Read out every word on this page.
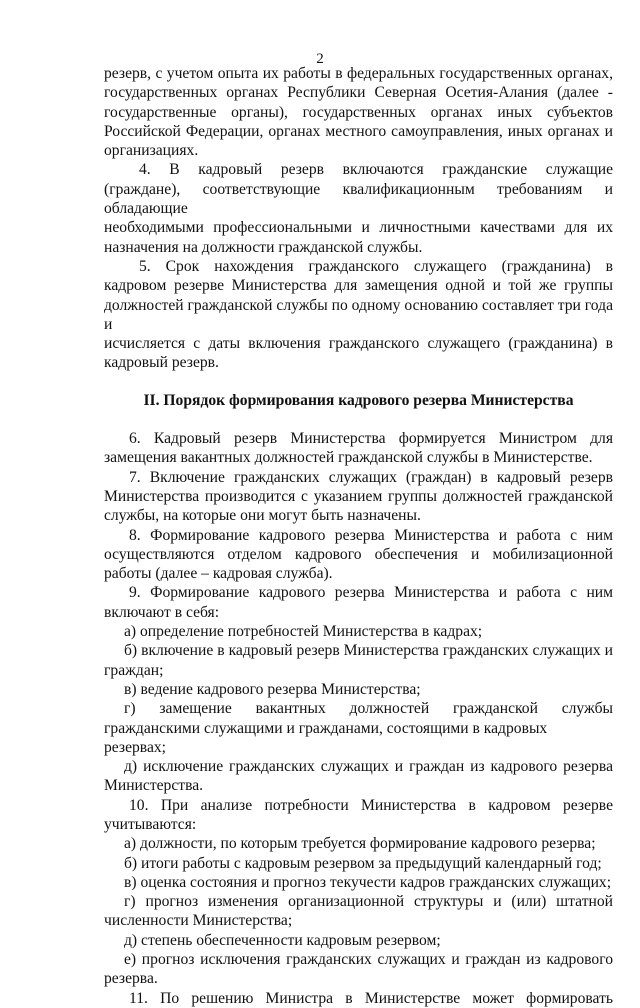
2

резерв, с учетом опыта их работы в федеральных государственных органах,

государственных органах Республики Северная Осетия-Алания (далее -

государственные органы), государственных органах иных субъектов

Российской Федерации, органах местного самоуправления, иных органах и

организациях.

4. В кадровый резерв включаются гражданские служащие

(граждане), соответствующие квалификационным требованиям и обладающие

необходимыми профессиональными и личностными качествами для их

назначения на должности гражданской службы.

5. Срок нахождения гражданского служащего (гражданина) в

кадровом резерве Министерства для замещения одной и той же группы

должностей гражданской службы по одному основанию составляет три года и

исчисляется с даты включения гражданского служащего (гражданина) в

кадровый резерв.

II. Порядок формирования кадрового резерва Министерства

6. Кадровый резерв Министерства формируется Министром для

замещения вакантных должностей гражданской службы в Министерстве.

7. Включение гражданских служащих (граждан) в кадровый резерв

Министерства производится с указанием группы должностей гражданской

службы, на которые они могут быть назначены.

8. Формирование кадрового резерва Министерства и работа с ним

осуществляются отделом кадрового обеспечения и мобилизационной

работы (далее – кадровая служба).

9. Формирование кадрового резерва Министерства и работа с ним

включают в себя:

а) определение потребностей Министерства в кадрах;

б) включение в кадровый резерв Министерства гражданских служащих и

граждан;

в) ведение кадрового резерва Министерства;

г) замещение вакантных должностей гражданской службы

гражданскими служащими и гражданами, состоящими в кадровых резервах;

д) исключение гражданских служащих и граждан из кадрового резерва

Министерства.

10. При анализе потребности Министерства в кадровом резерве

учитываются:

а) должности, по которым требуется формирование кадрового резерва;

б) итоги работы с кадровым резервом за предыдущий календарный год;

в) оценка состояния и прогноз текучести кадров гражданских служащих;

г) прогноз изменения организационной структуры и (или) штатной

численности Министерства;

д) степень обеспеченности кадровым резервом;

е) прогноз исключения гражданских служащих и граждан из кадрового

резерва.

11. По решению Министра в Министерстве может формировать
